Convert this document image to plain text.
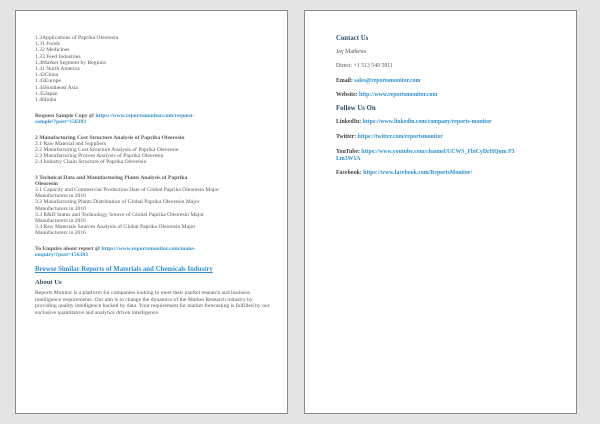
1.3Applications of Paprika Oleoresin
1.31 Foods
1.32 Medicines
1.33 Feed Industries
1.4Market Segment by Regions
1.41 North America
1.42China
1.43Europe
1.44Southeast Asia
1.45Japan
1.46India
Request Sample Copy @ https://www.reportsmonitor.com/request-
sample/?post=156383
2 Manufacturing Cost Structure Analysis of Paprika Oleoresin
2.1 Raw Material and Suppliers
2.2 Manufacturing Cost Structure Analysis of Paprika Oleoresin
2.3 Manufacturing Process Analysis of Paprika Oleoresin
2.4 Industry Chain Structure of Paprika Oleoresin
3 Technical Data and Manufacturing Plants Analysis of Paprika
Oleoresin
3.1 Capacity and Commercial Production Date of Global Paprika Oleoresin Major
Manufacturers in 2016
3.2 Manufacturing Plants Distribution of Global Paprika Oleoresin Major
Manufacturers in 2016
3.3 R&D Status and Technology Source of Global Paprika Oleoresin Major
Manufacturers in 2016
3.4 Raw Materials Sources Analysis of Global Paprika Oleoresin Major
Manufacturers in 2016
To Enquire about report @ https://www.reportsmonitor.com/make-
enquiry/?post=156383
Browse Similar Reports of Materials and Chemicals Industry
About Us
Reports Monitor is a platform for companies looking to meet their market research and business intelligence requirements. Our aim is to change the dynamics of the Market Research industry by providing quality intelligence backed by data. Your requirement for market forecasting is fulfilled by our exclusive quantitative and analytics driven intelligence.
Contact Us
Jay Mathews
Direct: +1 513 549 5911
Email: sales@reportsmonitor.com
Website: http://www.reportsmonitor.com
Follow Us On
LinkedIn: https://www.linkedin.com/company/reports-monitor
Twitter: https://twitter.com/reportsmonitor
YouTube: https://www.youtube.com/channel/UCWS_FbiCyDrHQum P3
Lm3W1A
Facebook: https://www.facebook.com/ReportsMonitor/
